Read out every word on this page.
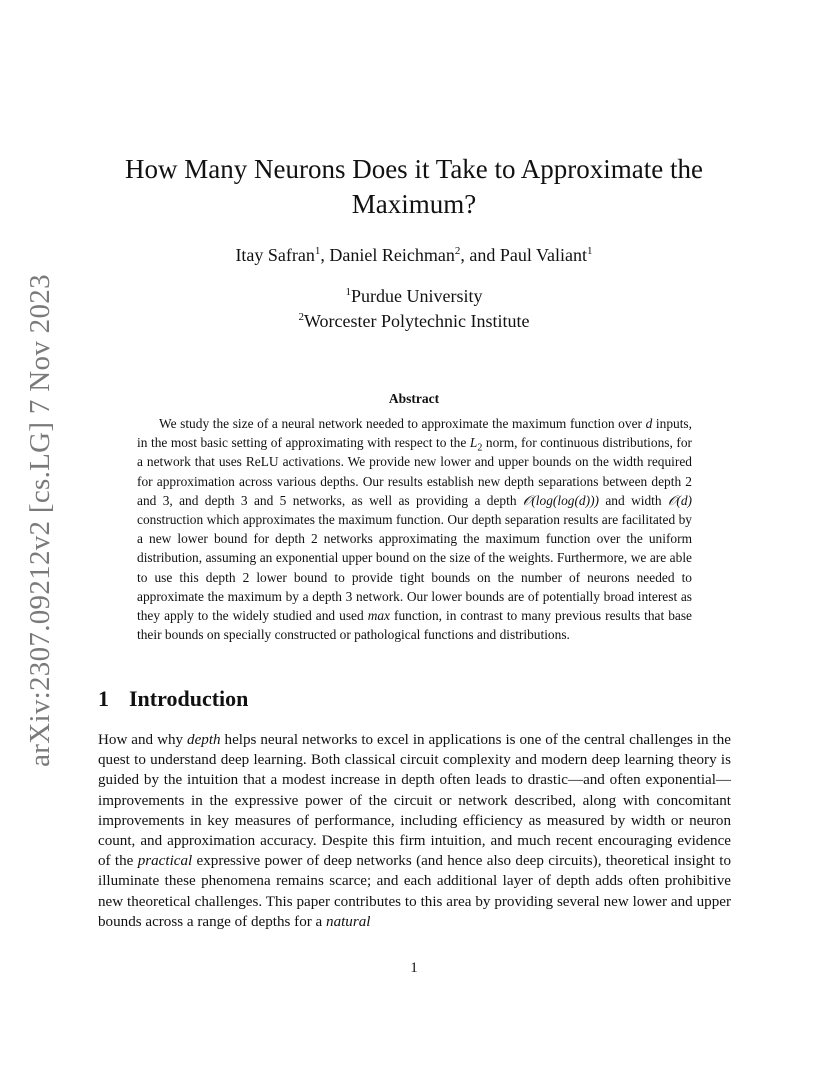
arXiv:2307.09212v2 [cs.LG] 7 Nov 2023
How Many Neurons Does it Take to Approximate the Maximum?
Itay Safran$^1$, Daniel Reichman$^2$, and Paul Valiant$^1$
$^1$Purdue University
$^2$Worcester Polytechnic Institute
Abstract

We study the size of a neural network needed to approximate the maximum function over d inputs, in the most basic setting of approximating with respect to the $L_2$ norm, for continuous distributions, for a network that uses ReLU activations. We provide new lower and upper bounds on the width required for approximation across various depths. Our results establish new depth separations between depth 2 and 3, and depth 3 and 5 networks, as well as providing a depth 𝒪(log(log(d))) and width 𝒪(d) construction which approximates the maximum function. Our depth separation results are facilitated by a new lower bound for depth 2 networks approximating the maximum function over the uniform distribution, assuming an exponential upper bound on the size of the weights. Furthermore, we are able to use this depth 2 lower bound to provide tight bounds on the number of neurons needed to approximate the maximum by a depth 3 network. Our lower bounds are of potentially broad interest as they apply to the widely studied and used max function, in contrast to many previous results that base their bounds on specially constructed or pathological functions and distributions.

1 Introduction

How and why depth helps neural networks to excel in applications is one of the central challenges in the quest to understand deep learning. Both classical circuit complexity and modern deep learning theory is guided by the intuition that a modest increase in depth often leads to drastic—and often exponential—improvements in the expressive power of the circuit or network described, along with concomitant improvements in key measures of performance, including efficiency as measured by width or neuron count, and approximation accuracy. Despite this firm intuition, and much recent encouraging evidence of the practical expressive power of deep networks (and hence also deep circuits), theoretical insight to illuminate these phenomena remains scarce; and each additional layer of depth adds often prohibitive new theoretical challenges. This paper contributes to this area by providing several new lower and upper bounds across a range of depths for a natural

1
